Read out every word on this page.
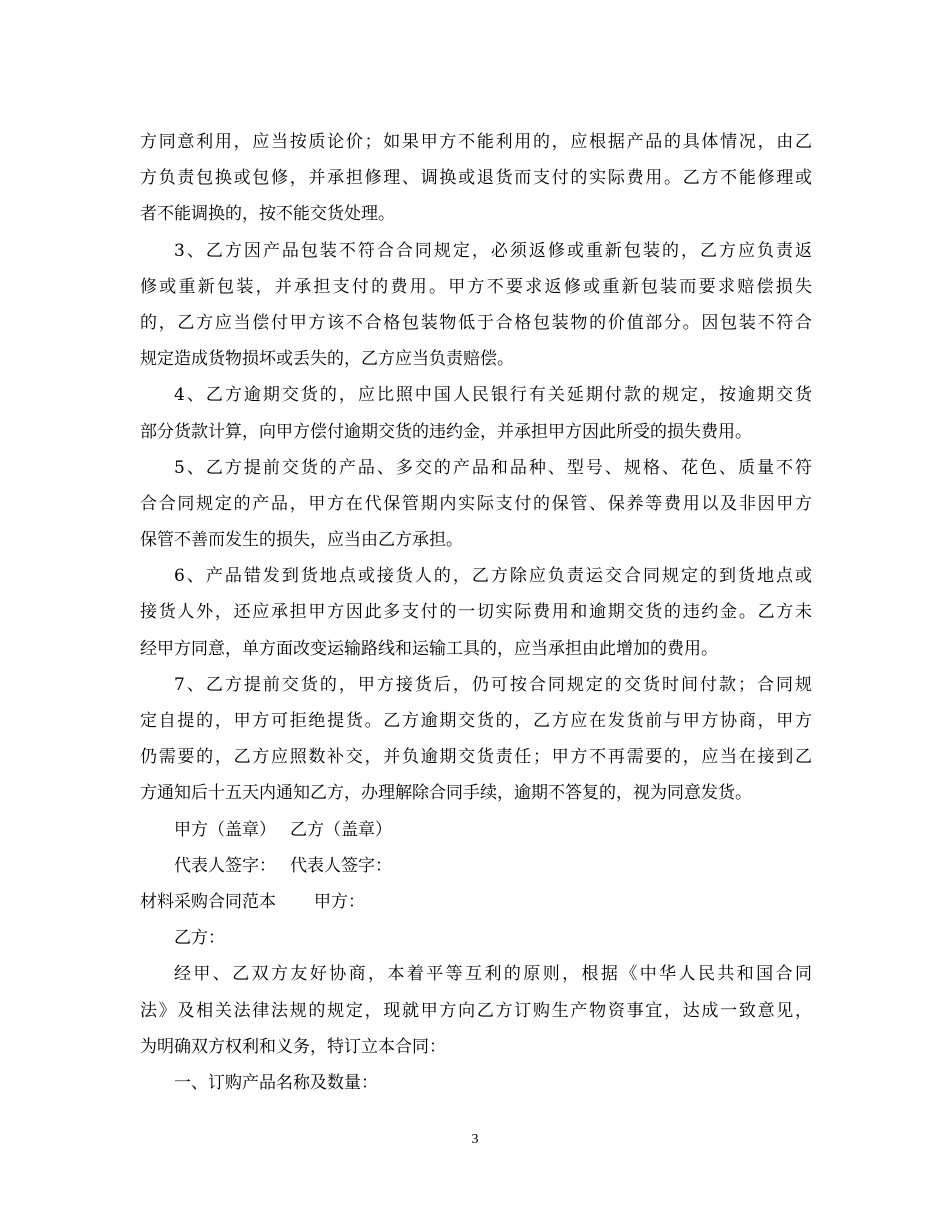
方同意利用，应当按质论价；如果甲方不能利用的，应根据产品的具体情况，由乙
方负责包换或包修，并承担修理、调换或退货而支付的实际费用。乙方不能修理或
者不能调换的，按不能交货处理。
3、乙方因产品包装不符合合同规定，必须返修或重新包装的，乙方应负责返
修或重新包装，并承担支付的费用。甲方不要求返修或重新包装而要求赔偿损失
的，乙方应当偿付甲方该不合格包装物低于合格包装物的价值部分。因包装不符合
规定造成货物损坏或丢失的，乙方应当负责赔偿。
4、乙方逾期交货的，应比照中国人民银行有关延期付款的规定，按逾期交货
部分货款计算，向甲方偿付逾期交货的违约金，并承担甲方因此所受的损失费用。
5、乙方提前交货的产品、多交的产品和品种、型号、规格、花色、质量不符
合合同规定的产品，甲方在代保管期内实际支付的保管、保养等费用以及非因甲方
保管不善而发生的损失，应当由乙方承担。
6、产品错发到货地点或接货人的，乙方除应负责运交合同规定的到货地点或
接货人外，还应承担甲方因此多支付的一切实际费用和逾期交货的违约金。乙方未
经甲方同意，单方面改变运输路线和运输工具的，应当承担由此增加的费用。
7、乙方提前交货的，甲方接货后，仍可按合同规定的交货时间付款；合同规
定自提的，甲方可拒绝提货。乙方逾期交货的，乙方应在发货前与甲方协商，甲方
仍需要的，乙方应照数补交，并负逾期交货责任；甲方不再需要的，应当在接到乙
方通知后十五天内通知乙方，办理解除合同手续，逾期不答复的，视为同意发货。
甲方（盖章） 乙方（盖章）
代表人签字： 代表人签字：
材料采购合同范本 甲方：
乙方：
经甲、乙双方友好协商，本着平等互利的原则，根据《中华人民共和国合同
法》及相关法律法规的规定，现就甲方向乙方订购生产物资事宜，达成一致意见，
为明确双方权利和义务，特订立本合同：
一、订购产品名称及数量：
3
